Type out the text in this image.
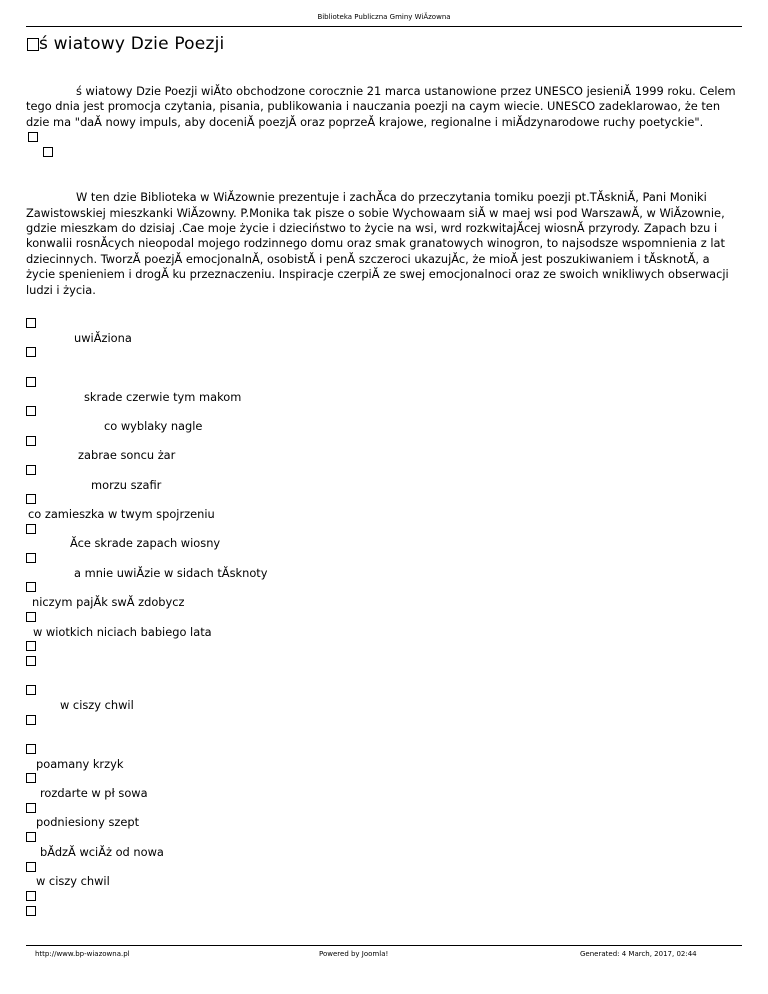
Biblioteka Publiczna Gminy WiĂzowna
ś wiatowy Dzie Poezji

ś wiatowy Dzie Poezji wiĂto obchodzone corocznie 21 marca ustanowione przez UNESCO jesieniĂ 1999 roku. Celem tego dnia jest promocja czytania, pisania, publikowania i nauczania poezji na caym wiecie. UNESCO zadeklarowao, że ten dzie ma "daĂ nowy impuls, aby doceniĂ poezjĂ oraz poprzeĂ krajowe, regionalne i miĂdzynarodowe ruchy poetyckie".

W ten dzie Biblioteka w WiĂzownie prezentuje i zachĂca do przeczytania tomiku poezji pt.TĂskniĂ, Pani Moniki Zawistowskiej mieszkanki WiĂzowny. P.Monika tak pisze o sobie Wychowaam siĂ w maej wsi pod WarszawĂ, w WiĂzownie, gdzie mieszkam do dzisiaj .Cae moje życie i dzieciństwo to życie na wsi, wrd rozkwitajĂcej wiosnĂ przyrody. Zapach bzu i konwalii rosnĂcych nieopodal mojego rodzinnego domu oraz smak granatowych winogron, to najsodsze wspomnienia z lat dziecinnych. TworzĂ poezjĂ emocjonalnĂ, osobistĂ i penĂ szczeroci ukazujĂc, że mioĂ jest poszukiwaniem i tĂsknotĂ, a życie spenieniem i drogĂ ku przeznaczeniu. Inspiracje czerpiĂ ze swej emocjonalnoci oraz ze swoich wnikliwych obserwacji ludzi i życia.

uwiĂziona
skrade czerwie tym makom
co wyblaky nagle
zabrae soncu żar
morzu szafir
co zamieszka w twym spojrzeniu
Ăce skrade zapach wiosny
a mnie uwiĂzie w sidach tĂsknoty
niczym pajĂk swĂ zdobycz
w wiotkich niciach babiego lata
w ciszy chwil
poamany krzyk
rozdarte w pł sowa
podniesiony szept
bĂdzĂ wciĂż od nowa
w ciszy chwil
http://www.bp-wiazowna.pl	Powered by Joomla!	Generated: 4 March, 2017, 02:44
